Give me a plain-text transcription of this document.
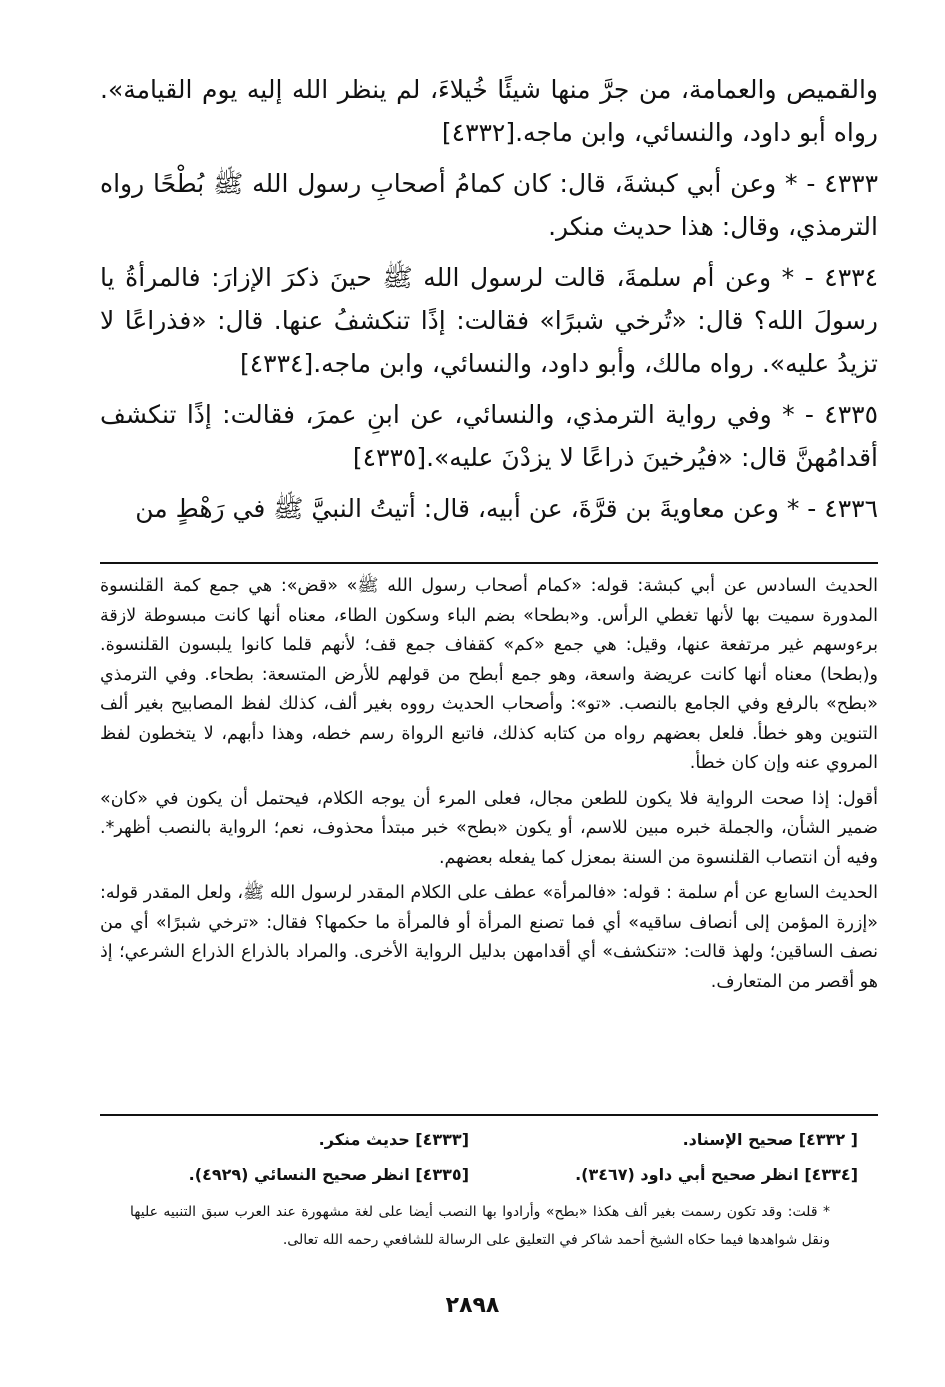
والقميص والعمامة، من جرَّ منها شيئًا خُيلاءَ، لم ينظر الله إليه يوم القيامة». رواه أبو داود، والنسائي، وابن ماجه.[٤٣٣٢]

٤٣٣٣ - * وعن أبي كبشةَ، قال: كان كمامُ أصحابِ رسول الله ﷺ بُطْحًا رواه الترمذي، وقال: هذا حديث منكر.

٤٣٣٤ - * وعن أم سلمةَ، قالت لرسول الله ﷺ حينَ ذكرَ الإزارَ: فالمرأةُ يا رسولَ الله؟ قال: «تُرخي شبرًا» فقالت: إذًا تنكشفُ عنها. قال: «فذراعًا لا تزيدُ عليه». رواه مالك، وأبو داود، والنسائي، وابن ماجه.[٤٣٣٤]

٤٣٣٥ - * وفي رواية الترمذي، والنسائي، عن ابنِ عمرَ، فقالت: إذًا تنكشف أقدامُهنَّ قال: «فيُرخينَ ذراعًا لا يزدْنَ عليه».[٤٣٣٥]

٤٣٣٦ - * وعن معاويةَ بن قرَّةَ، عن أبيه، قال: أتيتُ النبيَّ ﷺ في رَهْطٍ من

الحديث السادس عن أبي كبشة: قوله: «كمام أصحاب رسول الله ﷺ» «قض»: هي جمع كمة القلنسوة المدورة سميت بها لأنها تغطي الرأس. و«بطحا» بضم الباء وسكون الطاء، معناه أنها كانت مبسوطة لازقة برءوسهم غير مرتفعة عنها، وقيل: هي جمع «كم» كقفاف جمع قف؛ لأنهم قلما كانوا يلبسون القلنسوة. و(بطحا) معناه أنها كانت عريضة واسعة، وهو جمع أبطح من قولهم للأرض المتسعة: بطحاء. وفي الترمذي «بطح» بالرفع وفي الجامع بالنصب. «تو»: وأصحاب الحديث رووه بغير ألف، كذلك لفظ المصابيح بغير ألف التنوين وهو خطأ. فلعل بعضهم رواه من كتابه كذلك، فاتبع الرواة رسم خطه، وهذا دأبهم، لا يتخطون لفظ المروي عنه وإن كان خطأ.

أقول: إذا صحت الرواية فلا يكون للطعن مجال، فعلى المرء أن يوجه الكلام، فيحتمل أن يكون في «كان» ضمير الشأن، والجملة خبره مبين للاسم، أو يكون «بطح» خبر مبتدأ محذوف، نعم؛ الرواية بالنصب أظهر*. وفيه أن انتصاب القلنسوة من السنة بمعزل كما يفعله بعضهم.

الحديث السابع عن أم سلمة : قوله: «فالمرأة» عطف على الكلام المقدر لرسول الله ﷺ، ولعل المقدر قوله: «إزرة المؤمن إلى أنصاف ساقيه» أي فما تصنع المرأة أو فالمرأة ما حكمها؟ فقال: «ترخي شبرًا» أي من نصف الساقين؛ ولهذ قالت: «تنكشف» أي أقدامهن بدليل الرواية الأخرى. والمراد بالذراع الذراع الشرعي؛ إذ هو أقصر من المتعارف.

[ ٤٣٣٢] صحيح الإسناد.
[٤٣٣٣] حديث منكر.
[٤٣٣٤] انظر صحيح أبي داود (٣٤٦٧).
[٤٣٣٥] انظر صحيح النسائي (٤٩٢٩).
* قلت: وقد تكون رسمت بغير ألف هكذا «بطح» وأرادوا بها النصب أيضا على لغة مشهورة عند العرب سبق التنبيه عليها ونقل شواهدها فيما حكاه الشيخ أحمد شاكر في التعليق على الرسالة للشافعي رحمه الله تعالى.
٢٨٩٨
